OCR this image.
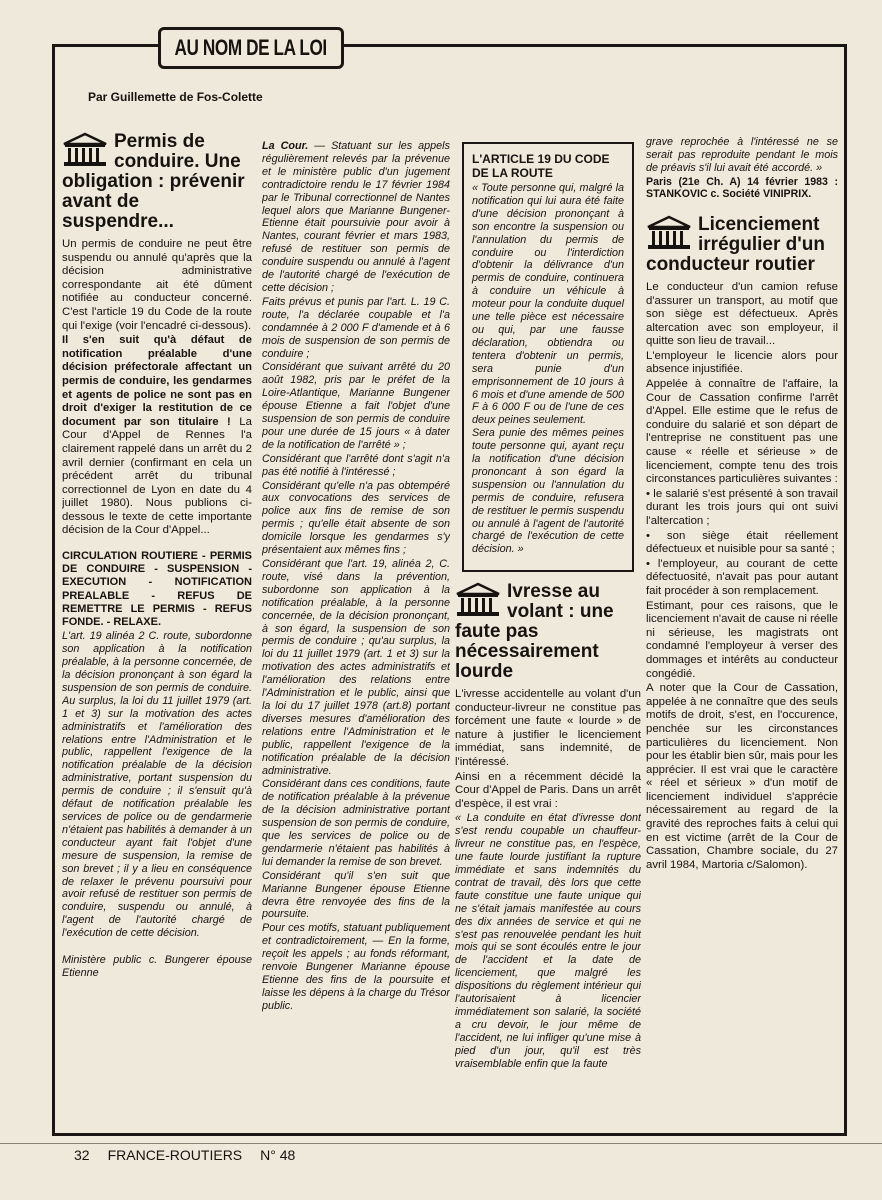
AU NOM DE LA LOI
Par Guillemette de Fos-Colette
Permis de conduire. Une obligation : prévenir avant de suspendre...

Un permis de conduire ne peut être suspendu ou annulé qu'après que la décision administrative correspondante ait été dûment notifiée au conducteur concerné. C'est l'article 19 du Code de la route qui l'exige (voir l'encadré ci-dessous).

Il s'en suit qu'à défaut de notification préalable d'une décision préfectorale affectant un permis de conduire, les gendarmes et agents de police ne sont pas en droit d'exiger la restitution de ce document par son titulaire ! La Cour d'Appel de Rennes l'a clairement rappelé dans un arrêt du 2 avril dernier (confirmant en cela un précédent arrêt du tribunal correctionnel de Lyon en date du 4 juillet 1980). Nous publions ci-dessous le texte de cette importante décision de la Cour d'Appel...

CIRCULATION ROUTIERE - PERMIS DE CONDUIRE - SUSPENSION - EXECUTION - NOTIFICATION PREALABLE - REFUS DE REMETTRE LE PERMIS - REFUS FONDE. - RELAXE.

L'art. 19 alinéa 2 C. route, subordonne son application à la notification préalable, à la personne concernée, de la décision prononçant à son égard la suspension de son permis de conduire. Au surplus, la loi du 11 juillet 1979 (art. 1 et 3) sur la motivation des actes administratifs et l'amélioration des relations entre l'Administration et le public, rappellent l'exigence de la notification préalable de la décision administrative, portant suspension du permis de conduire ; il s'ensuit qu'à défaut de notification préalable les services de police ou de gendarmerie n'étaient pas habilités à demander à un conducteur ayant fait l'objet d'une mesure de suspension, la remise de son brevet ; il y a lieu en conséquence de relaxer le prévenu poursuivi pour avoir refusé de restituer son permis de conduire, suspendu ou annulé, à l'agent de l'autorité chargé de l'exécution de cette décision.

Ministère public c. Bungerer épouse Etienne

La Cour. — Statuant sur les appels régulièrement relevés par la prévenue et le ministère public d'un jugement contradictoire rendu le 17 février 1984 par le Tribunal correctionnel de Nantes lequel alors que Marianne Bungener-Etienne était poursuivie pour avoir à Nantes, courant février et mars 1983, refusé de restituer son permis de conduire suspendu ou annulé à l'agent de l'autorité chargé de l'exécution de cette décision ;

Faits prévus et punis par l'art. L. 19 C. route, l'a déclarée coupable et l'a condamnée à 2 000 F d'amende et à 6 mois de suspension de son permis de conduire ;

Considérant que suivant arrêté du 20 août 1982, pris par le préfet de la Loire-Atlantique, Marianne Bungener épouse Etienne a fait l'objet d'une suspension de son permis de conduire pour une durée de 15 jours « à dater de la notification de l'arrêté » ;

Considérant que l'arrêté dont s'agit n'a pas été notifié à l'intéressé ;

Considérant qu'elle n'a pas obtempéré aux convocations des services de police aux fins de remise de son permis ; qu'elle était absente de son domicile lorsque les gendarmes s'y présentaient aux mêmes fins ;

Considérant que l'art. 19, alinéa 2, C. route, visé dans la prévention, subordonne son application à la notification préalable, à la personne concernée, de la décision prononçant, à son égard, la suspension de son permis de conduire ; qu'au surplus, la loi du 11 juillet 1979 (art. 1 et 3) sur la motivation des actes administratifs et l'amélioration des relations entre l'Administration et le public, ainsi que la loi du 17 juillet 1978 (art.8) portant diverses mesures d'amélioration des relations entre l'Administration et le public, rappellent l'exigence de la notification préalable de la décision administrative.

Considérant dans ces conditions, faute de notification préalable à la prévenue de la décision administrative portant suspension de son permis de conduire, que les services de police ou de gendarmerie n'étaient pas habilités à lui demander la remise de son brevet.

Considérant qu'il s'en suit que Marianne Bungener épouse Etienne devra être renvoyée des fins de la poursuite.

Pour ces motifs, statuant publiquement et contradictoirement, — En la forme, reçoit les appels ; au fonds réformant, renvoie Bungener Marianne épouse Etienne des fins de la poursuite et laisse les dépens à la charge du Trésor public.

L'ARTICLE 19 DU CODE DE LA ROUTE

« Toute personne qui, malgré la notification qui lui aura été faite d'une décision prononçant à son encontre la suspension ou l'annulation du permis de conduire ou l'interdiction d'obtenir la délivrance d'un permis de conduire, continuera à conduire un véhicule à moteur pour la conduite duquel une telle pièce est nécessaire ou qui, par une fausse déclaration, obtiendra ou tentera d'obtenir un permis, sera punie d'un emprisonnement de 10 jours à 6 mois et d'une amende de 500 F à 6 000 F ou de l'une de ces deux peines seulement.

Sera punie des mêmes peines toute personne qui, ayant reçu la notification d'une décision prononcant à son égard la suspension ou l'annulation du permis de conduire, refusera de restituer le permis suspendu ou annulé à l'agent de l'autorité chargé de l'exécution de cette décision. »

Ivresse au volant : une faute pas nécessairement lourde

L'ivresse accidentelle au volant d'un conducteur-livreur ne constitue pas forcément une faute « lourde » de nature à justifier le licenciement immédiat, sans indemnité, de l'intéressé.

Ainsi en a récemment décidé la Cour d'Appel de Paris. Dans un arrêt d'espèce, il est vrai :

« La conduite en état d'ivresse dont s'est rendu coupable un chauffeur-livreur ne constitue pas, en l'espèce, une faute lourde justifiant la rupture immédiate et sans indemnités du contrat de travail, dès lors que cette faute constitue une faute unique qui ne s'était jamais manifestée au cours des dix années de service et qui ne s'est pas renouvelée pendant les huit mois qui se sont écoulés entre le jour de l'accident et la date de licenciement, que malgré les dispositions du règlement intérieur qui l'autorisaient à licencier immédiatement son salarié, la société a cru devoir, le jour même de l'accident, ne lui infliger qu'une mise à pied d'un jour, qu'il est très vraisemblable enfin que la faute

grave reprochée à l'intéressé ne se serait pas reproduite pendant le mois de préavis s'il lui avait été accordé. »

Paris (21e Ch. A) 14 février 1983 : STANKOVIC c. Société VINIPRIX.

Licenciement irrégulier d'un conducteur routier

Le conducteur d'un camion refuse d'assurer un transport, au motif que son siège est défectueux. Après altercation avec son employeur, il quitte son lieu de travail...

L'employeur le licencie alors pour absence injustifiée.

Appelée à connaître de l'affaire, la Cour de Cassation confirme l'arrêt d'Appel. Elle estime que le refus de conduire du salarié et son départ de l'entreprise ne constituent pas une cause « réelle et sérieuse » de licenciement, compte tenu des trois circonstances particulières suivantes :

• le salarié s'est présenté à son travail durant les trois jours qui ont suivi l'altercation ;

• son siège était réellement défectueux et nuisible pour sa santé ;

• l'employeur, au courant de cette défectuosité, n'avait pas pour autant fait procéder à son remplacement.

Estimant, pour ces raisons, que le licenciement n'avait de cause ni réelle ni sérieuse, les magistrats ont condamné l'employeur à verser des dommages et intérêts au conducteur congédié.

A noter que la Cour de Cassation, appelée à ne connaître que des seuls motifs de droit, s'est, en l'occurence, penchée sur les circonstances particulières du licenciement. Non pour les établir bien sûr, mais pour les apprécier. Il est vrai que le caractère « réel et sérieux » d'un motif de licenciement individuel s'apprécie nécessairement au regard de la gravité des reproches faits à celui qui en est victime (arrêt de la Cour de Cassation, Chambre sociale, du 27 avril 1984, Martoria c/Salomon).

32 FRANCE-ROUTIERS N° 48
